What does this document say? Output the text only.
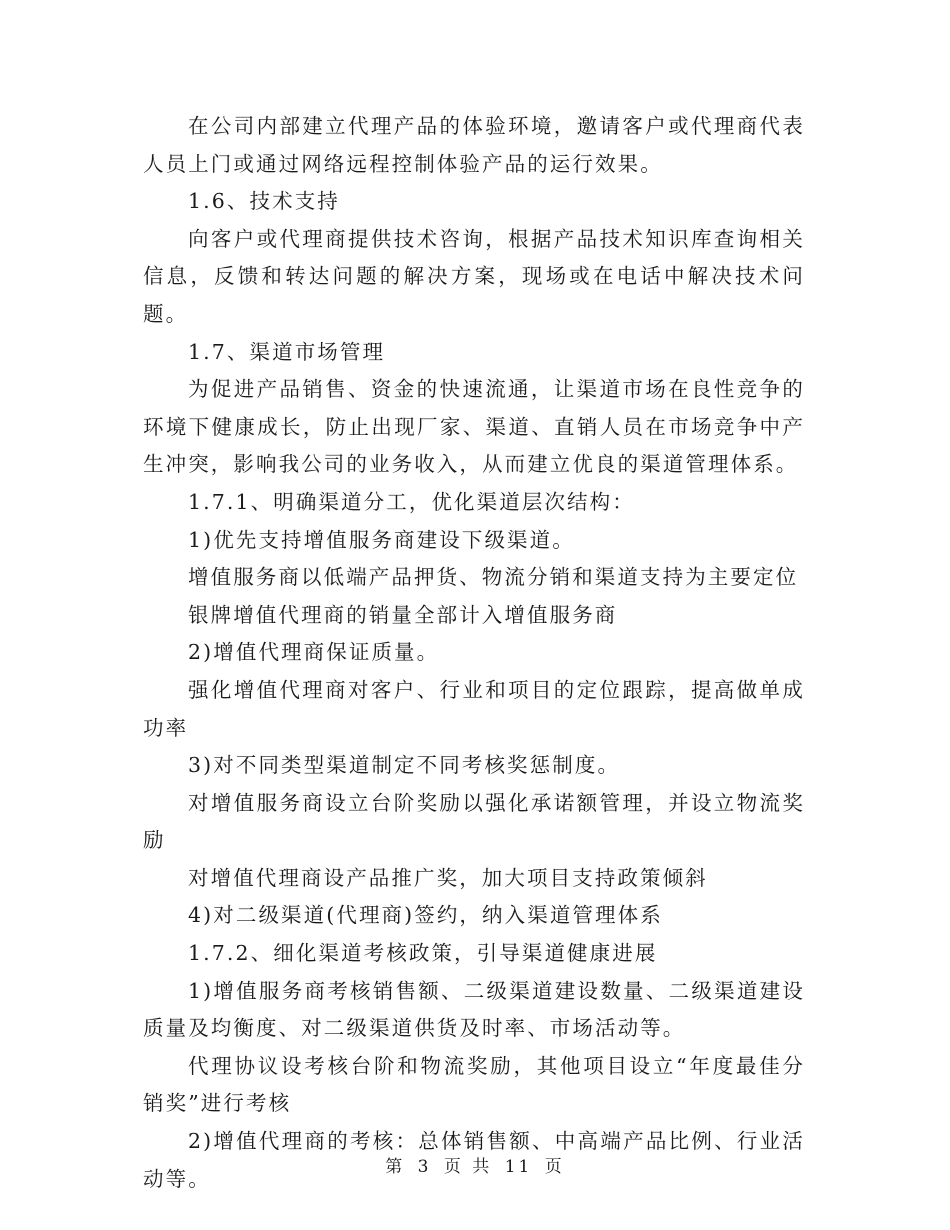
在公司内部建立代理产品的体验环境，邀请客户或代理商代表人员上门或通过网络远程控制体验产品的运行效果。

1.6、技术支持

向客户或代理商提供技术咨询，根据产品技术知识库查询相关信息，反馈和转达问题的解决方案，现场或在电话中解决技术问题。

1.7、渠道市场管理

为促进产品销售、资金的快速流通，让渠道市场在良性竞争的环境下健康成长，防止出现厂家、渠道、直销人员在市场竞争中产生冲突，影响我公司的业务收入，从而建立优良的渠道管理体系。

1.7.1、明确渠道分工，优化渠道层次结构：

1)优先支持增值服务商建设下级渠道。

增值服务商以低端产品押货、物流分销和渠道支持为主要定位

银牌增值代理商的销量全部计入增值服务商

2)增值代理商保证质量。

强化增值代理商对客户、行业和项目的定位跟踪，提高做单成功率

3)对不同类型渠道制定不同考核奖惩制度。

对增值服务商设立台阶奖励以强化承诺额管理，并设立物流奖励

对增值代理商设产品推广奖，加大项目支持政策倾斜

4)对二级渠道(代理商)签约，纳入渠道管理体系

1.7.2、细化渠道考核政策，引导渠道健康进展

1)增值服务商考核销售额、二级渠道建设数量、二级渠道建设质量及均衡度、对二级渠道供货及时率、市场活动等。

代理协议设考核台阶和物流奖励，其他项目设立“年度最佳分销奖”进行考核

2)增值代理商的考核：总体销售额、中高端产品比例、行业活动等。	第 3 页 共 11 页
